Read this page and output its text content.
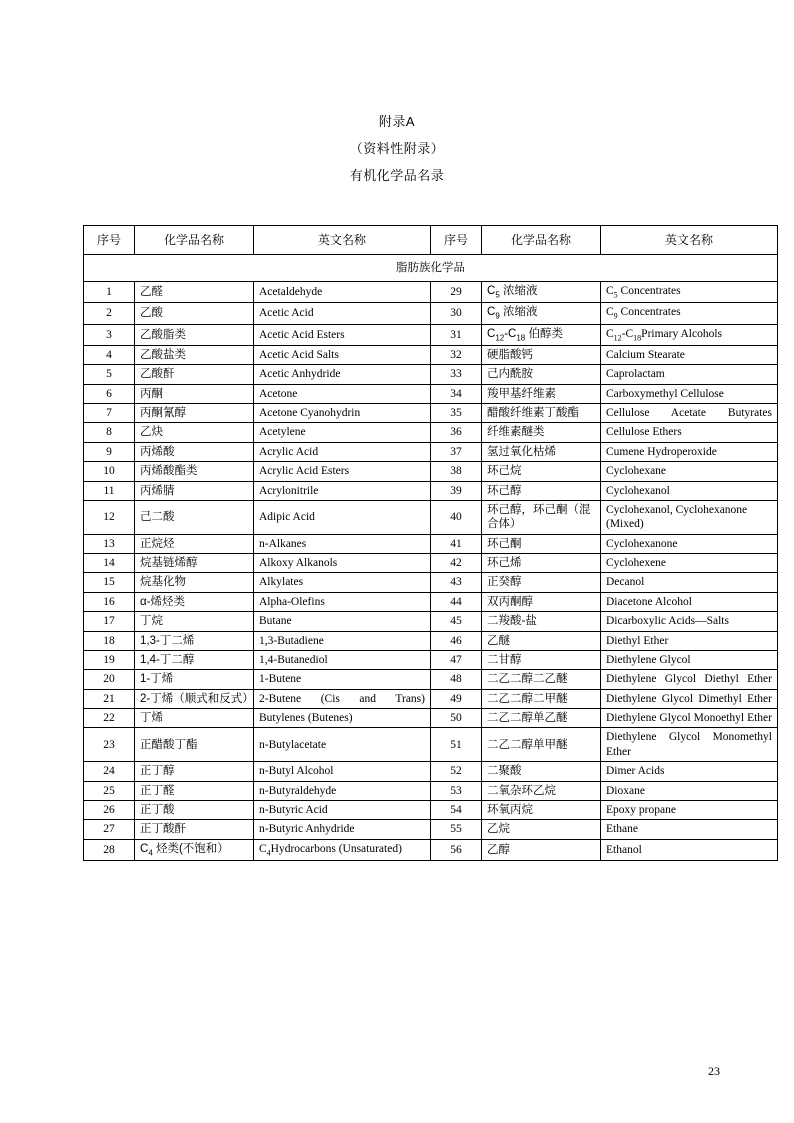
附录A
（资料性附录）
有机化学品名录
序号	化学品名称	英文名称	序号	化学品名称	英文名称
脂肪族化学品					
1	乙醛	Acetaldehyde	29	$C_5$ 浓缩液	$C_5$ Concentrates
2	乙酸	Acetic Acid	30	$C_9$ 浓缩液	$C_9$ Concentrates
3	乙酸脂类	Acetic Acid Esters	31	$C_{12}-C_{18}$ 伯醇类	$C_{12}-C_{18}Primary$ Alcohols
4	乙酸盐类	Acetic Acid Salts	32	硬脂酸钙	Calcium Stearate
5	乙酸酐	Acetic Anhydride	33	己内酰胺	Caprolactam
6	丙酮	Acetone	34	羧甲基纤维素	Carboxymethyl Cellulose
7	丙酮氰醇	Acetone Cyanohydrin	35	醋酸纤维素丁酸酯	Cellulose Acetate Butyrates
8	乙炔	Acetylene	36	纤维素醚类	Cellulose Ethers
9	丙烯酸	Acrylic Acid	37	氢过氧化枯烯	Cumene Hydroperoxide
10	丙烯酸酯类	Acrylic Acid Esters	38	环己烷	Cyclohexane
11	丙烯腈	Acrylonitrile	39	环己醇	Cyclohexanol
12	己二酸	Adipic Acid	40	环己醇，环己酮（混合体）	Cyclohexanol, Cyclohexanone (Mixed)
13	正烷烃	n-Alkanes	41	环己酮	Cyclohexanone
14	烷基链烯醇	Alkoxy Alkanols	42	环己烯	Cyclohexene
15	烷基化物	Alkylates	43	正癸醇	Decanol
16	α-烯烃类	Alpha-Olefins	44	双丙酮醇	Diacetone Alcohol
17	丁烷	Butane	45	二羧酸-盐	Dicarboxylic Acids—Salts
18	1,3-丁二烯	1,3-Butadiene	46	乙醚	Diethyl Ether
19	1,4-丁二醇	1,4-Butanediol	47	二甘醇	Diethylene Glycol
20	1-丁烯	1-Butene	48	二乙二醇二乙醚	Diethylene Glycol Diethyl Ether
21	2-丁烯（顺式和反式）	2-Butene (Cis and Trans)	49	二乙二醇二甲醚	Diethylene Glycol Dimethyl Ether
22	丁烯	Butylenes (Butenes)	50	二乙二醇单乙醚	Diethylene Glycol Monoethyl Ether
23	正醋酸丁酯	n-Butylacetate	51	二乙二醇单甲醚	Diethylene Glycol Monomethyl Ether
24	正丁醇	n-Butyl Alcohol	52	二聚酸	Dimer Acids
25	正丁醛	n-Butyraldehyde	53	二氧杂环乙烷	Dioxane
26	正丁酸	n-Butyric Acid	54	环氧丙烷	Epoxy propane
27	正丁酸酐	n-Butyric Anhydride	55	乙烷	Ethane
28	$C_4$ 烃类(不饱和）	$C_4Hydrocarbons$ (Unsaturated)	56	乙醇	Ethanol
23
